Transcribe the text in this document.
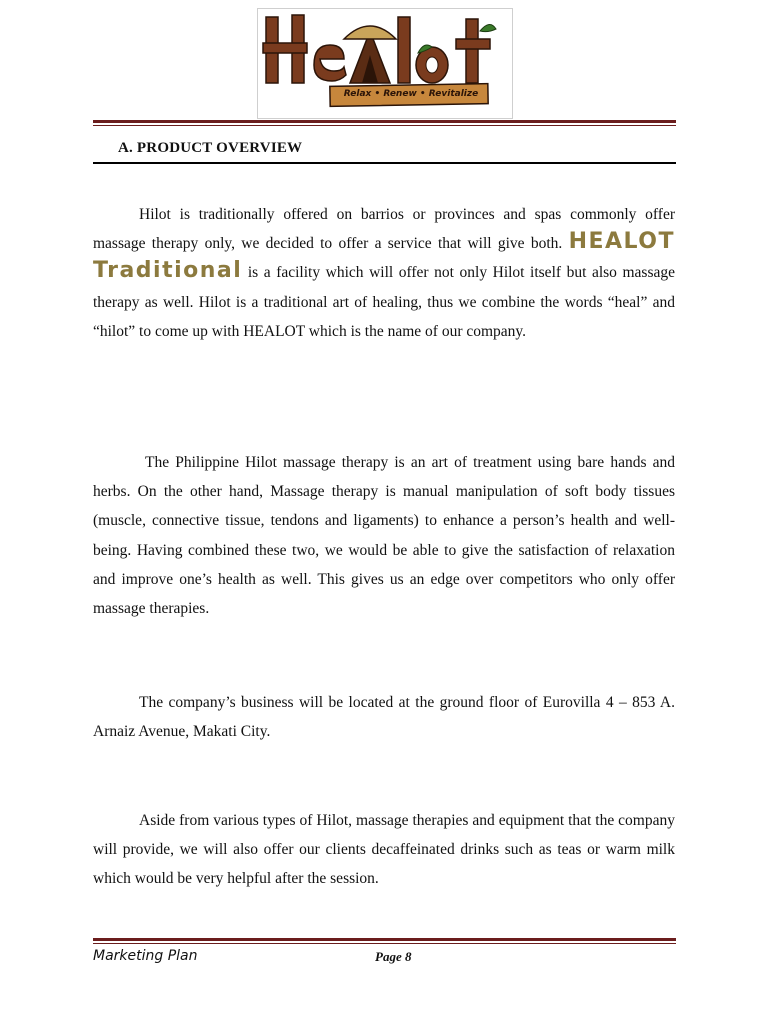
Relax • Renew • Revitalize
A. PRODUCT OVERVIEW

Hilot is traditionally offered on barrios or provinces and spas commonly offer massage therapy only, we decided to offer a service that will give both. HEALOT Traditional is a facility which will offer not only Hilot itself but also massage therapy as well. Hilot is a traditional art of healing, thus we combine the words “heal” and “hilot” to come up with HEALOT which is the name of our company.

The Philippine Hilot massage therapy is an art of treatment using bare hands and herbs. On the other hand, Massage therapy is manual manipulation of soft body tissues (muscle, connective tissue, tendons and ligaments) to enhance a person’s health and well-being. Having combined these two, we would be able to give the satisfaction of relaxation and improve one’s health as well. This gives us an edge over competitors who only offer massage therapies.

The company’s business will be located at the ground floor of Eurovilla 4 – 853 A. Arnaiz Avenue, Makati City.

Aside from various types of Hilot, massage therapies and equipment that the company will provide, we will also offer our clients decaffeinated drinks such as teas or warm milk which would be very helpful after the session.

Marketing Plan	Page 8
